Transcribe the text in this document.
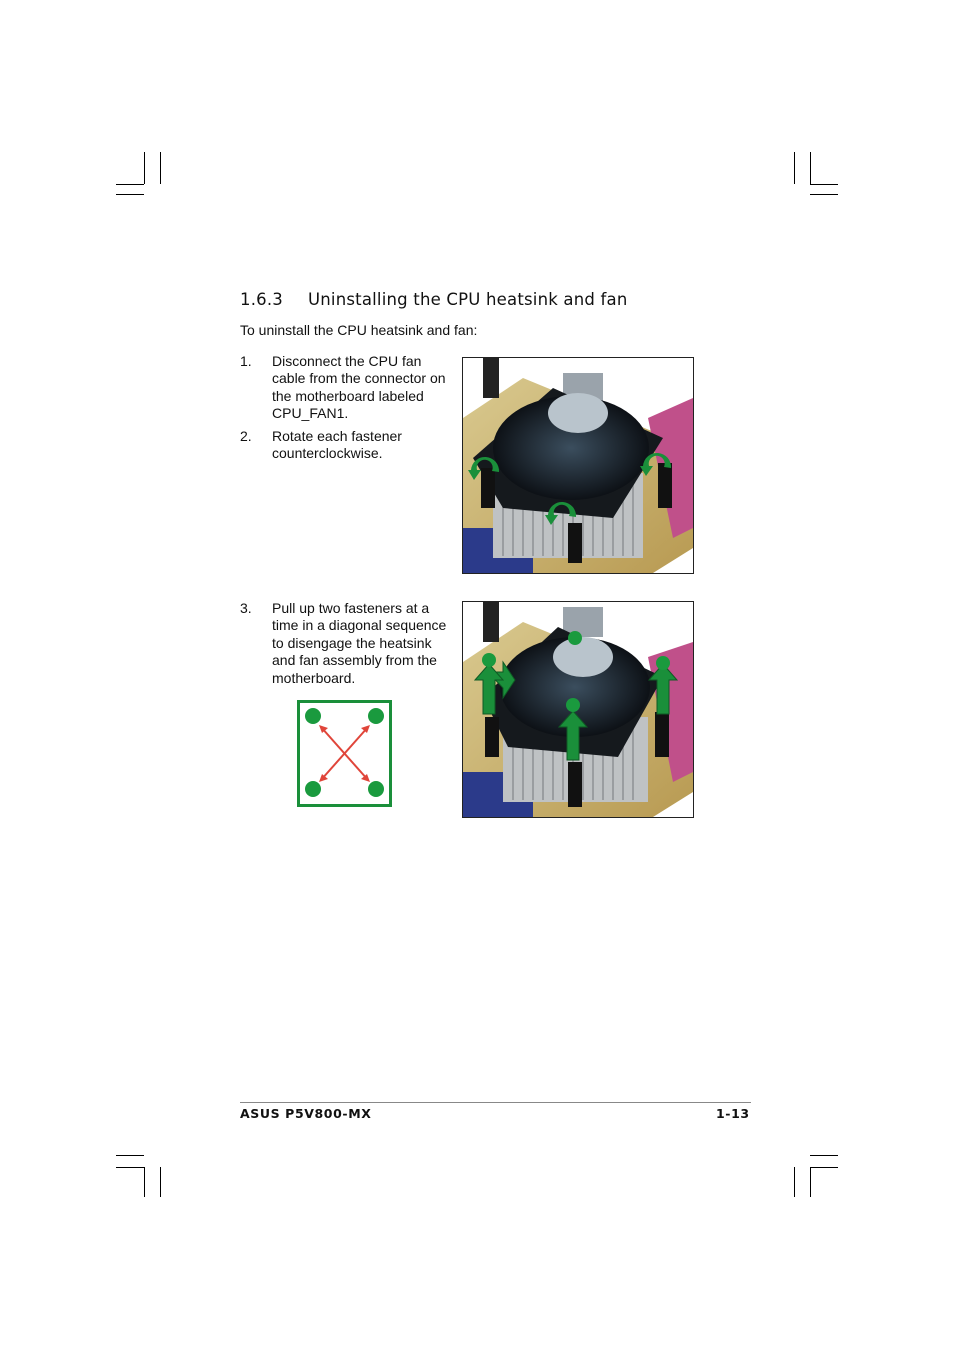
1.6.3 Uninstalling the CPU heatsink and fan
To uninstall the CPU heatsink and fan:
1.	Disconnect the CPU fan cable from the connector on the motherboard labeled CPU_FAN1.
2.	Rotate each fastener counterclockwise.
3.	Pull up two fasteners at a time in a diagonal sequence to disengage the heatsink and fan assembly from the motherboard.
ASUS P5V800-MX	1-13
